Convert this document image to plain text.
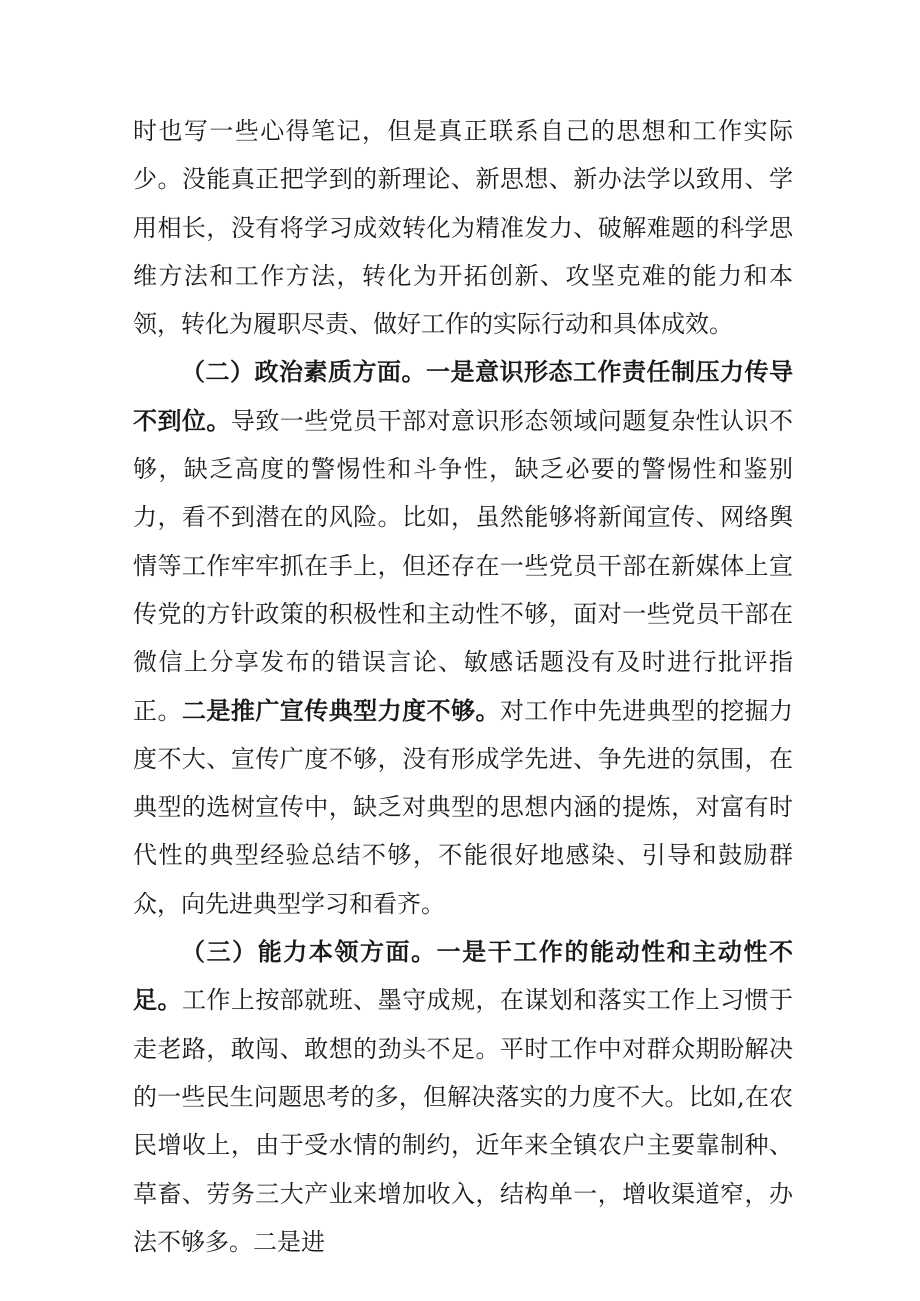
时也写一些心得笔记，但是真正联系自己的思想和工作实际少。没能真正把学到的新理论、新思想、新办法学以致用、学用相长，没有将学习成效转化为精准发力、破解难题的科学思维方法和工作方法，转化为开拓创新、攻坚克难的能力和本领，转化为履职尽责、做好工作的实际行动和具体成效。

（二）政治素质方面。一是意识形态工作责任制压力传导不到位。导致一些党员干部对意识形态领域问题复杂性认识不够，缺乏高度的警惕性和斗争性，缺乏必要的警惕性和鉴别力，看不到潜在的风险。比如，虽然能够将新闻宣传、网络舆情等工作牢牢抓在手上，但还存在一些党员干部在新媒体上宣传党的方针政策的积极性和主动性不够，面对一些党员干部在微信上分享发布的错误言论、敏感话题没有及时进行批评指正。二是推广宣传典型力度不够。对工作中先进典型的挖掘力度不大、宣传广度不够，没有形成学先进、争先进的氛围，在典型的选树宣传中，缺乏对典型的思想内涵的提炼，对富有时代性的典型经验总结不够，不能很好地感染、引导和鼓励群众，向先进典型学习和看齐。

（三）能力本领方面。一是干工作的能动性和主动性不足。工作上按部就班、墨守成规，在谋划和落实工作上习惯于走老路，敢闯、敢想的劲头不足。平时工作中对群众期盼解决的一些民生问题思考的多，但解决落实的力度不大。比如,在农民增收上，由于受水情的制约，近年来全镇农户主要靠制种、草畜、劳务三大产业来增加收入，结构单一，增收渠道窄，办法不够多。二是进
